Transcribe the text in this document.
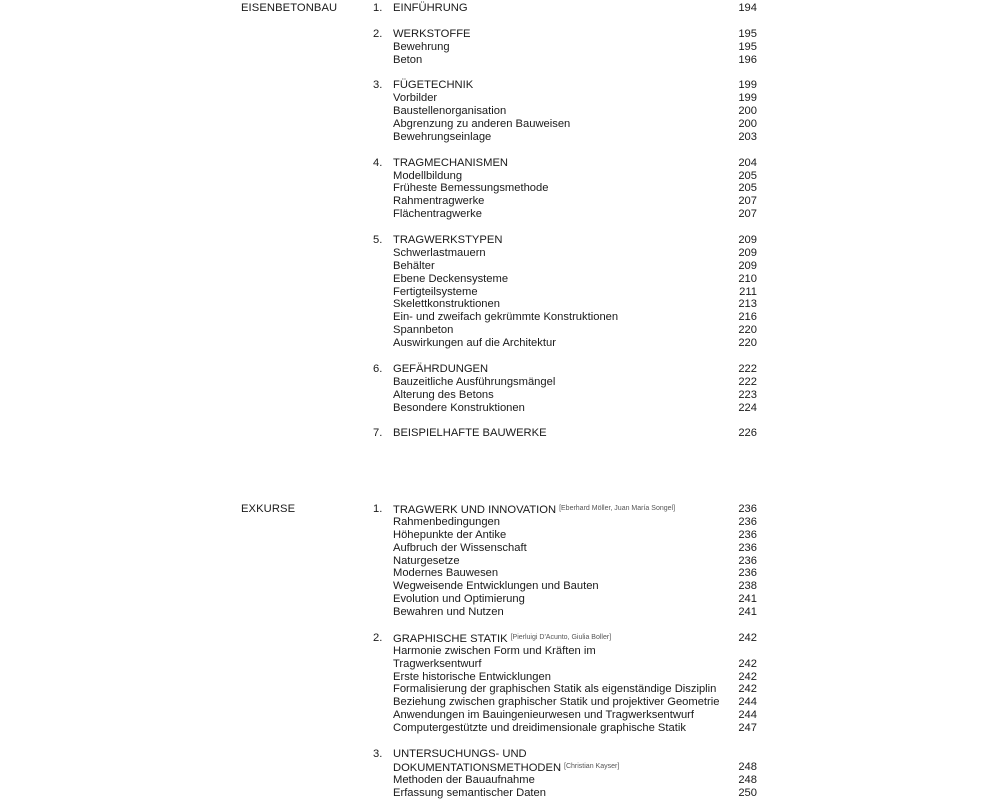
EISENBETONBAU	1. EINFÜHRUNG	194
2. WERKSTOFFE	195
Bewehrung	195
Beton	196
3. FÜGETECHNIK	199
Vorbilder	199
Baustellenorganisation	200
Abgrenzung zu anderen Bauweisen	200
Bewehrungseinlage	203
4. TRAGMECHANISMEN	204
Modellbildung	205
Früheste Bemessungsmethode	205
Rahmentragwerke	207
Flächentragwerke	207
5. TRAGWERKSTYPEN	209
Schwerlastmauern	209
Behälter	209
Ebene Deckensysteme	210
Fertigteilsysteme	211
Skelettkonstruktionen	213
Ein- und zweifach gekrümmte Konstruktionen	216
Spannbeton	220
Auswirkungen auf die Architektur	220
6. GEFÄHRDUNGEN	222
Bauzeitliche Ausführungsmängel	222
Alterung des Betons	223
Besondere Konstruktionen	224
7. BEISPIELHAFTE BAUWERKE	226
EXKURSE	1. TRAGWERK UND INNOVATION [Eberhard Möller, Juan María Songel]	236
Rahmenbedingungen	236
Höhepunkte der Antike	236
Aufbruch der Wissenschaft	236
Naturgesetze	236
Modernes Bauwesen	236
Wegweisende Entwicklungen und Bauten	238
Evolution und Optimierung	241
Bewahren und Nutzen	241
2. GRAPHISCHE STATIK [Pierluigi D'Acunto, Giulia Boller]	242
Harmonie zwischen Form und Kräften im
Tragwerksentwurf	242
Erste historische Entwicklungen	242
Formalisierung der graphischen Statik als eigenständige Disziplin 242
Beziehung zwischen graphischer Statik und projektiver Geometrie 244
Anwendungen im Bauingenieurwesen und Tragwerksentwurf	244
Computergestützte und dreidimensionale graphische Statik	247
3. UNTERSUCHUNGS- UND
DOKUMENTATIONSMETHODEN [Christian Kayser]	248
Methoden der Bauaufnahme	248
Erfassung semantischer Daten	250
